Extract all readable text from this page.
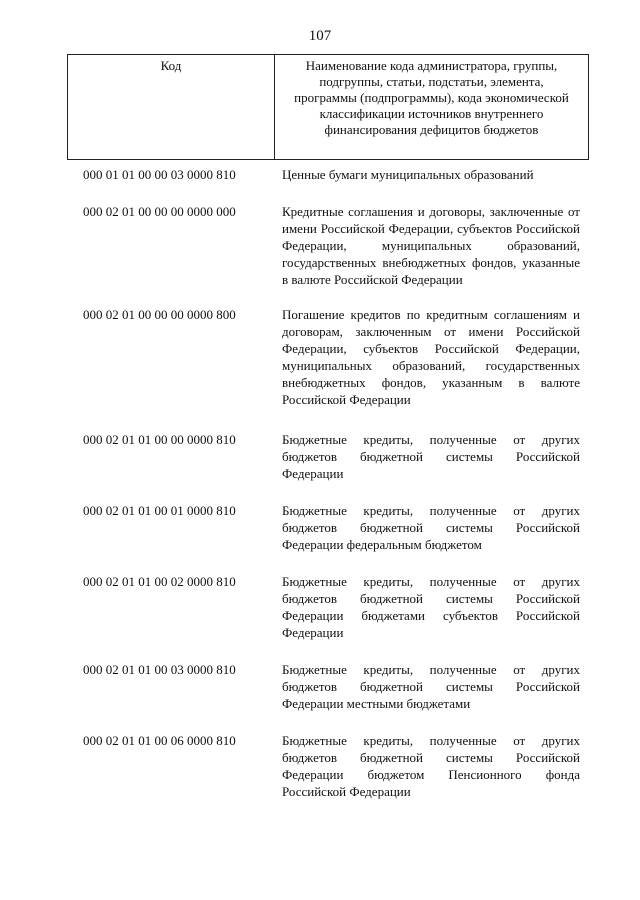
107
Код	Наименование кода администратора, группы, подгруппы, статьи, подстатьи, элемента, программы (подпрограммы), кода экономической классификации источников внутреннего финансирования дефицитов бюджетов
000 01 01 00 00 03 0000 810	Ценные бумаги муниципальных образований
000 02 01 00 00 00 0000 000	Кредитные соглашения и договоры, заключенные от имени Российской Федерации, субъектов Российской Федерации, муниципальных образований, государственных внебюджетных фондов, указанные в валюте Российской Федерации
000 02 01 00 00 00 0000 800	Погашение кредитов по кредитным соглашениям и договорам, заключенным от имени Российской Федерации, субъектов Российской Федерации, муниципальных образований, государственных внебюджетных фондов, указанным в валюте Российской Федерации
000 02 01 01 00 00 0000 810	Бюджетные кредиты, полученные от других бюджетов бюджетной системы Российской Федерации
000 02 01 01 00 01 0000 810	Бюджетные кредиты, полученные от других бюджетов бюджетной системы Российской Федерации федеральным бюджетом
000 02 01 01 00 02 0000 810	Бюджетные кредиты, полученные от других бюджетов бюджетной системы Российской Федерации бюджетами субъектов Российской Федерации
000 02 01 01 00 03 0000 810	Бюджетные кредиты, полученные от других бюджетов бюджетной системы Российской Федерации местными бюджетами
000 02 01 01 00 06 0000 810	Бюджетные кредиты, полученные от других бюджетов бюджетной системы Российской Федерации бюджетом Пенсионного фонда Российской Федерации
